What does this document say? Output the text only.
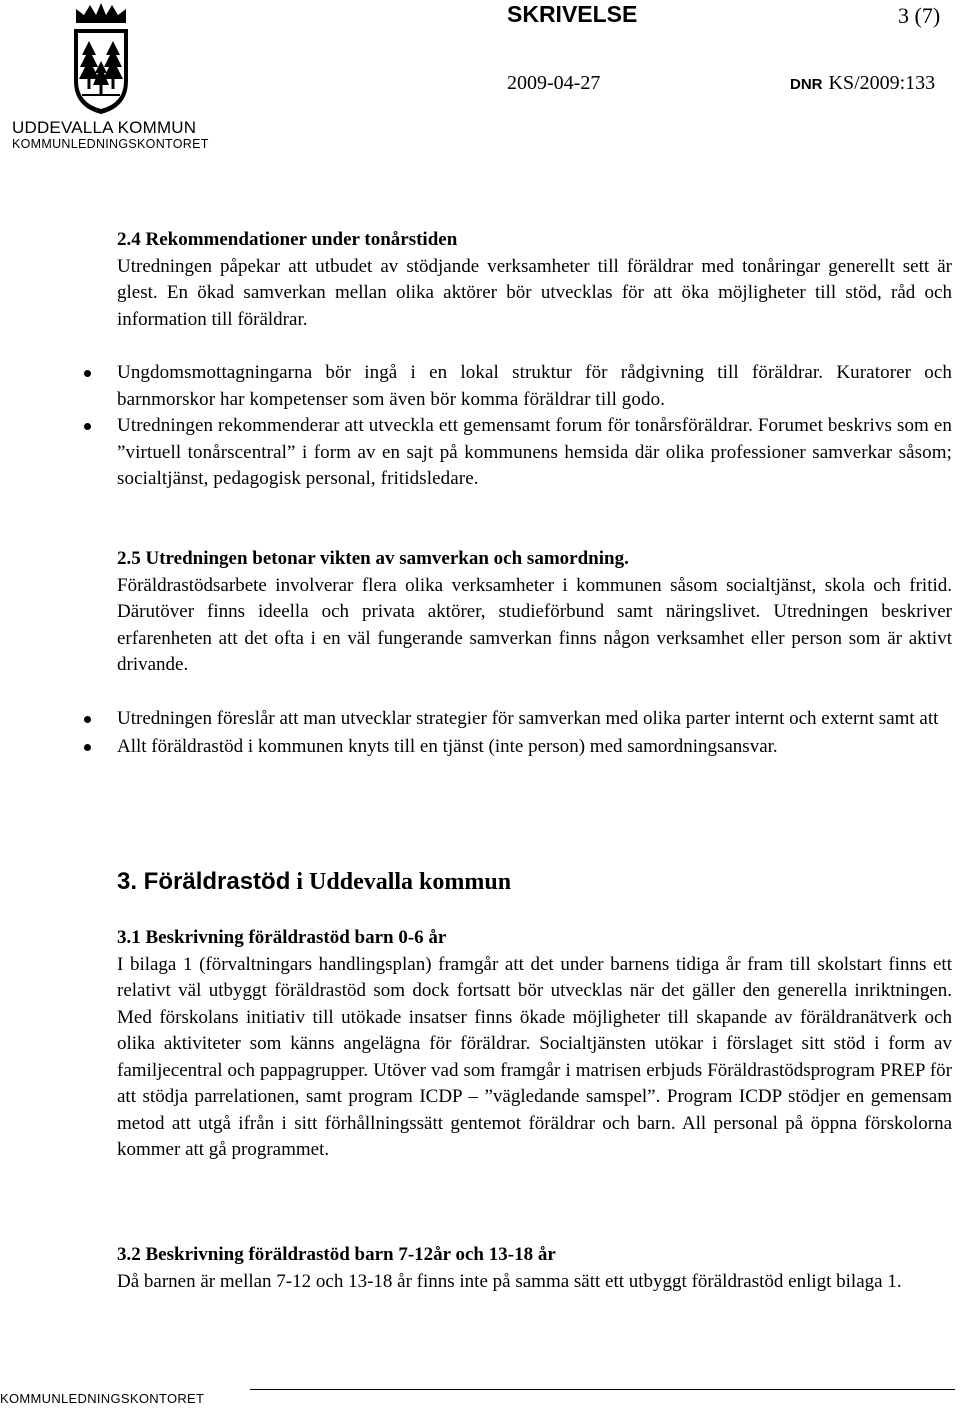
UDDEVALLA KOMMUN
KOMMUNLEDNINGSKONTORET
SKRIVELSE	3 (7)
2009-04-27	DNR KS/2009:133

2.4 Rekommendationer under tonårstiden

Utredningen påpekar att utbudet av stödjande verksamheter till föräldrar med tonåringar generellt sett är glest. En ökad samverkan mellan olika aktörer bör utvecklas för att öka möjligheter till stöd, råd och information till föräldrar.

Ungdomsmottagningarna bör ingå i en lokal struktur för rådgivning till föräldrar. Kuratorer och barnmorskor har kompetenser som även bör komma föräldrar till godo.

Utredningen rekommenderar att utveckla ett gemensamt forum för tonårsföräldrar. Forumet beskrivs som en ”virtuell tonårscentral” i form av en sajt på kommunens hemsida där olika professioner samverkar såsom; socialtjänst, pedagogisk personal, fritidsledare.

2.5 Utredningen betonar vikten av samverkan och samordning.

Föräldrastödsarbete involverar flera olika verksamheter i kommunen såsom socialtjänst, skola och fritid. Därutöver finns ideella och privata aktörer, studieförbund samt näringslivet. Utredningen beskriver erfarenheten att det ofta i en väl fungerande samverkan finns någon verksamhet eller person som är aktivt drivande.

Utredningen föreslår att man utvecklar strategier för samverkan med olika parter internt och externt samt att

Allt föräldrastöd i kommunen knyts till en tjänst (inte person) med samordningsansvar.

3. Föräldrastöd i Uddevalla kommun

3.1 Beskrivning föräldrastöd barn 0-6 år

I bilaga 1 (förvaltningars handlingsplan) framgår att det under barnens tidiga år fram till skolstart finns ett relativt väl utbyggt föräldrastöd som dock fortsatt bör utvecklas när det gäller den generella inriktningen. Med förskolans initiativ till utökade insatser finns ökade möjligheter till skapande av föräldranätverk och olika aktiviteter som känns angelägna för föräldrar. Socialtjänsten utökar i förslaget sitt stöd i form av familjecentral och pappagrupper. Utöver vad som framgår i matrisen erbjuds Föräldrastödsprogram PREP för att stödja parrelationen, samt program ICDP – ”vägledande samspel”. Program ICDP stödjer en gemensam metod att utgå ifrån i sitt förhållningssätt gentemot föräldrar och barn. All personal på öppna förskolorna kommer att gå programmet.

3.2 Beskrivning föräldrastöd barn 7-12år och 13-18 år

Då barnen är mellan 7-12 och 13-18 år finns inte på samma sätt ett utbyggt föräldrastöd enligt bilaga 1.

KOMMUNLEDNINGSKONTORET
